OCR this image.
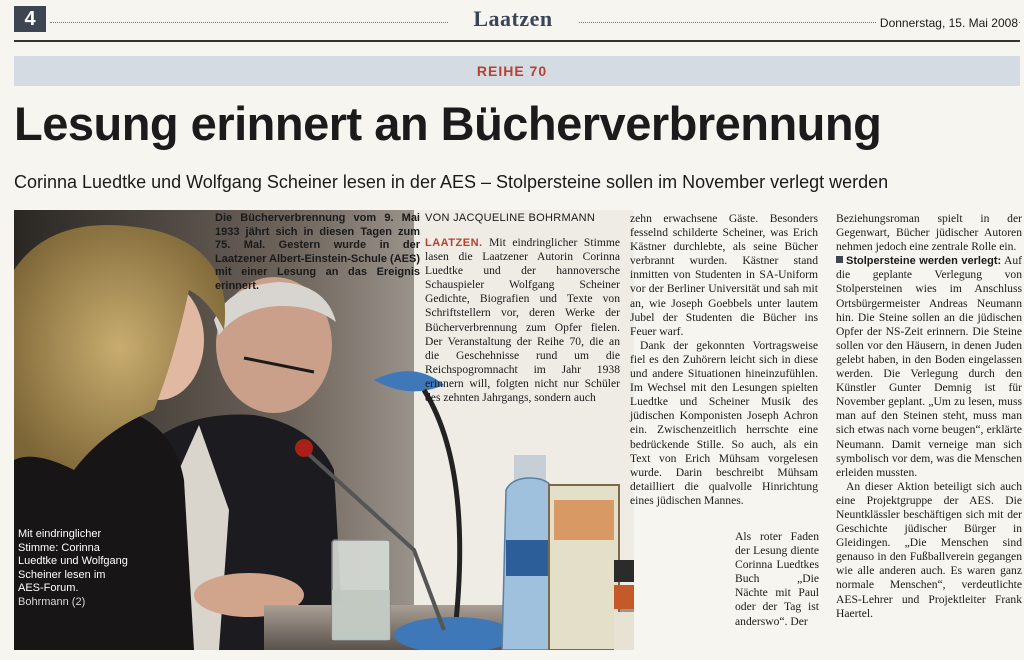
4	Laatzen	Donnerstag, 15. Mai 2008
REIHE 70
Lesung erinnert an Bücherverbrennung
Corinna Luedtke und Wolfgang Scheiner lesen in der AES – Stolpersteine sollen im November verlegt werden
Mit eindringlicher Stimme: Corinna Luedtke und Wolfgang Scheiner lesen im AES-Forum. Bohrmann (2)
Die Bücherverbrennung vom 9. Mai 1933 jährt sich in diesen Tagen zum 75. Mal. Gestern wurde in der Laatzener Albert-Einstein-Schule (AES) mit einer Lesung an das Ereignis erinnert.
VON JACQUELINE BOHRMANN

LAATZEN. Mit eindringlicher Stimme lasen die Laatzener Autorin Corinna Luedtke und der hannoversche Schauspieler Wolfgang Scheiner Gedichte, Biografien und Texte von Schriftstellern vor, deren Werke der Bücherverbrennung zum Opfer fielen. Der Veranstaltung der Reihe 70, die an die Geschehnisse rund um die Reichspogromnacht im Jahr 1938 erinnern will, folgten nicht nur Schüler des zehnten Jahrgangs, sondern auch

zehn erwachsene Gäste. Besonders fesselnd schilderte Scheiner, was Erich Kästner durchlebte, als seine Bücher verbrannt wurden. Kästner stand inmitten von Studenten in SA-Uniform vor der Berliner Universität und sah mit an, wie Joseph Goebbels unter lautem Jubel der Studenten die Bücher ins Feuer warf.

Dank der gekonnten Vortragsweise fiel es den Zuhörern leicht sich in diese und andere Situationen hineinzufühlen. Im Wechsel mit den Lesungen spielten Luedtke und Scheiner Musik des jüdischen Komponisten Joseph Achron ein. Zwischenzeitlich herrschte eine bedrückende Stille. So auch, als ein Text von Erich Mühsam vorgelesen wurde. Darin beschreibt Mühsam detailliert die qualvolle Hinrichtung eines jüdischen Mannes.

Als roter Faden der Lesung diente Corinna Luedtkes Buch „Die Nächte mit Paul oder der Tag ist anderswo“. Der

Beziehungsroman spielt in der Gegenwart, Bücher jüdischer Autoren nehmen jedoch eine zentrale Rolle ein.

Stolpersteine werden verlegt: Auf die geplante Verlegung von Stolpersteinen wies im Anschluss Ortsbürgermeister Andreas Neumann hin. Die Steine sollen an die jüdischen Opfer der NS-Zeit erinnern. Die Steine sollen vor den Häusern, in denen Juden gelebt haben, in den Boden eingelassen werden. Die Verlegung durch den Künstler Gunter Demnig ist für November geplant. „Um zu lesen, muss man auf den Steinen steht, muss man sich etwas nach vorne beugen“, erklärte Neumann. Damit verneige man sich symbolisch vor dem, was die Menschen erleiden mussten.

An dieser Aktion beteiligt sich auch eine Projektgruppe der AES. Die Neuntklässler beschäftigen sich mit der Geschichte jüdischer Bürger in Gleidingen. „Die Menschen sind genauso in den Fußballverein gegangen wie alle anderen auch. Es waren ganz normale Menschen“, verdeutlichte AES-Lehrer und Projektleiter Frank Haertel.
